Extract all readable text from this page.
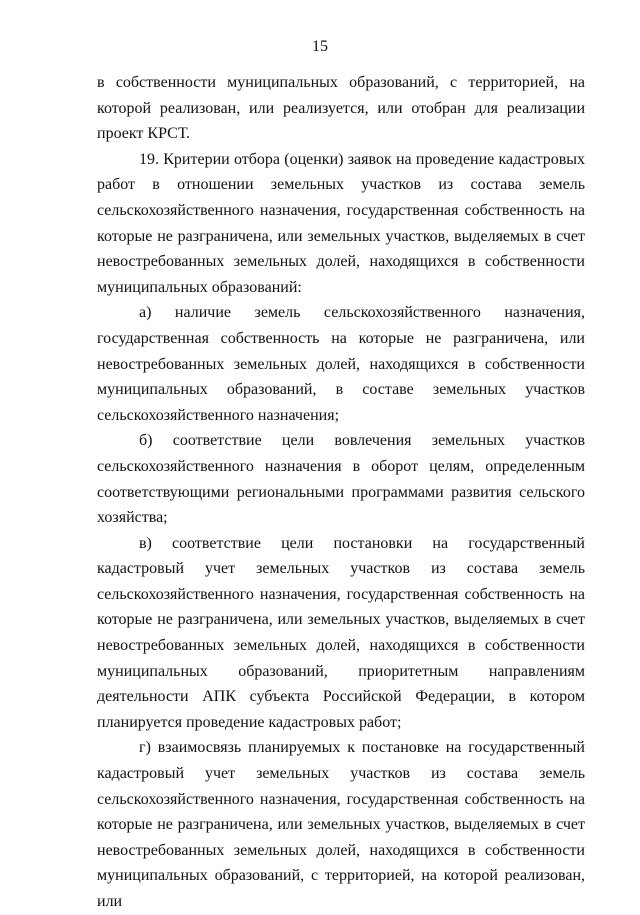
15

в собственности муниципальных образований, с территорией, на которой реализован, или реализуется, или отобран для реализации проект КРСТ.

19. Критерии отбора (оценки) заявок на проведение кадастровых работ в отношении земельных участков из состава земель сельскохозяйственного назначения, государственная собственность на которые не разграничена, или земельных участков, выделяемых в счет невостребованных земельных долей, находящихся в собственности муниципальных образований:

а) наличие земель сельскохозяйственного назначения, государственная собственность на которые не разграничена, или невостребованных земельных долей, находящихся в собственности муниципальных образований, в составе земельных участков сельскохозяйственного назначения;

б) соответствие цели вовлечения земельных участков сельскохозяйственного назначения в оборот целям, определенным соответствующими региональными программами развития сельского хозяйства;

в) соответствие цели постановки на государственный кадастровый учет земельных участков из состава земель сельскохозяйственного назначения, государственная собственность на которые не разграничена, или земельных участков, выделяемых в счет невостребованных земельных долей, находящихся в собственности муниципальных образований, приоритетным направлениям деятельности АПК субъекта Российской Федерации, в котором планируется проведение кадастровых работ;

г) взаимосвязь планируемых к постановке на государственный кадастровый учет земельных участков из состава земель сельскохозяйственного назначения, государственная собственность на которые не разграничена, или земельных участков, выделяемых в счет невостребованных земельных долей, находящихся в собственности муниципальных образований, с территорией, на которой реализован, или
